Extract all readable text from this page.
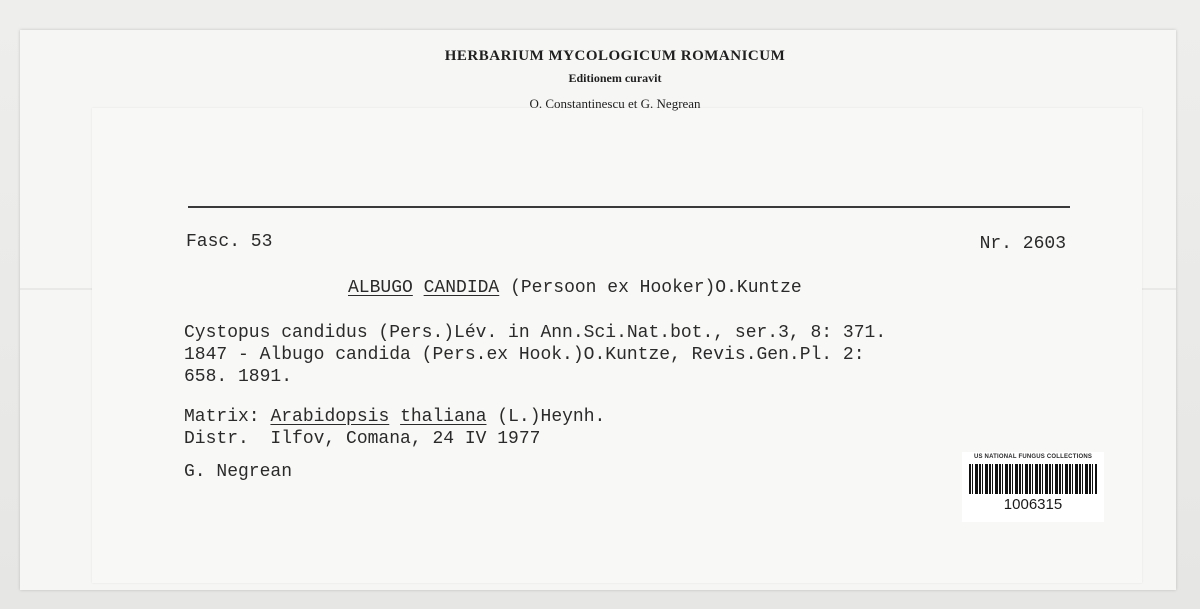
HERBARIUM MYCOLOGICUM ROMANICUM
Editionem curavit
O. Constantinescu et G. Negrean
Fasc. 53	Nr. 2603
ALBUGO CANDIDA (Persoon ex Hooker)O.Kuntze
Cystopus candidus (Pers.)Lév. in Ann.Sci.Nat.bot., ser.3, 8: 371.
1847 - Albugo candida (Pers.ex Hook.)O.Kuntze, Revis.Gen.Pl. 2:
658. 1891.
Matrix: Arabidopsis thaliana (L.)Heynh.
Distr.  Ilfov, Comana, 24 IV 1977
G. Negrean
US NATIONAL FUNGUS COLLECTIONS
1006315
